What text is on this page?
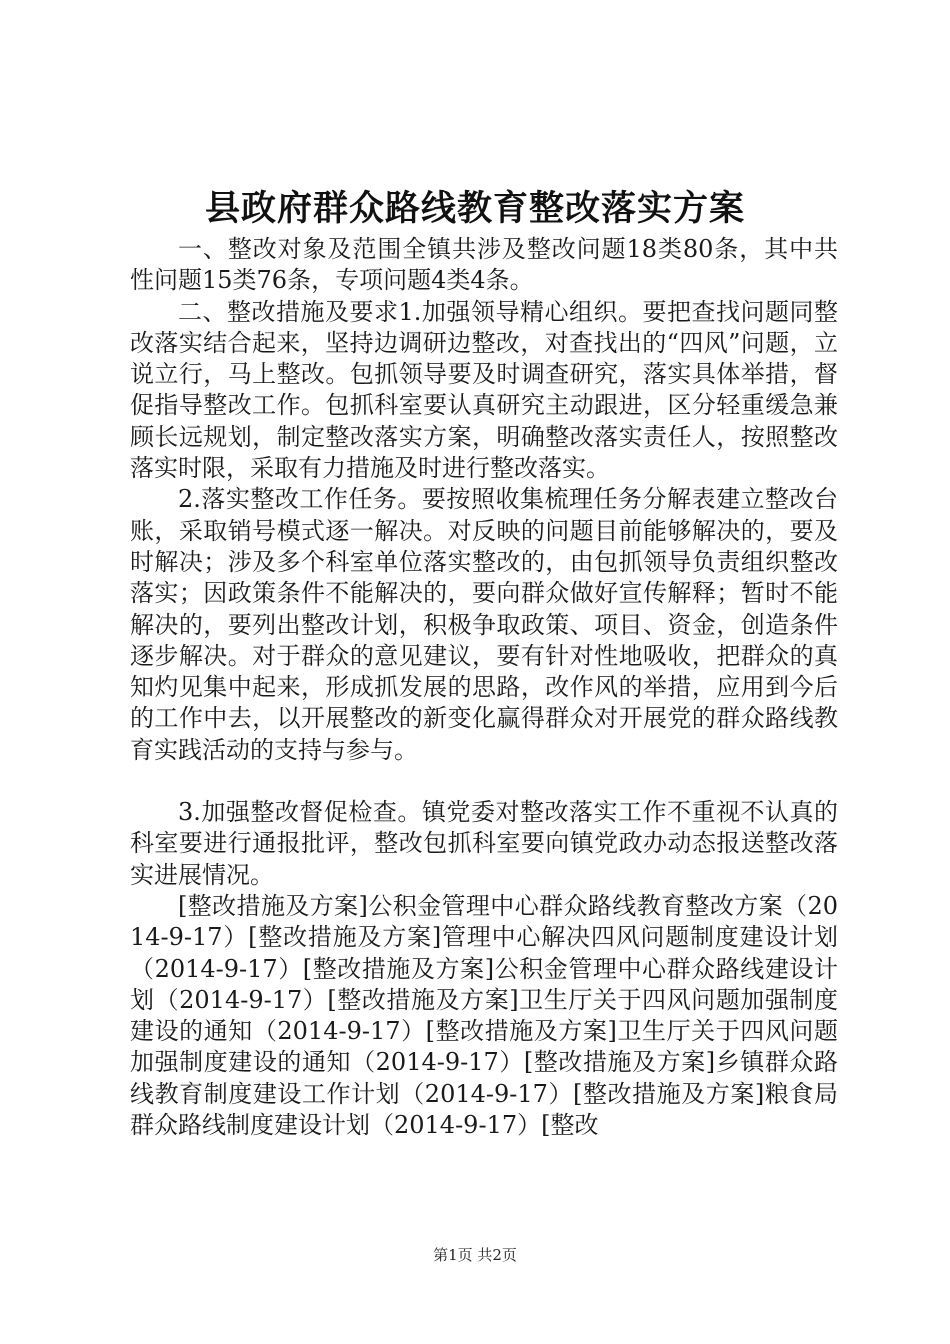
县政府群众路线教育整改落实方案

一、整改对象及范围全镇共涉及整改问题18类80条，其中共性问题15类76条，专项问题4类4条。

二、整改措施及要求1.加强领导精心组织。要把查找问题同整改落实结合起来，坚持边调研边整改，对查找出的“四风”问题，立说立行，马上整改。包抓领导要及时调查研究，落实具体举措，督促指导整改工作。包抓科室要认真研究主动跟进，区分轻重缓急兼顾长远规划，制定整改落实方案，明确整改落实责任人，按照整改落实时限，采取有力措施及时进行整改落实。

2.落实整改工作任务。要按照收集梳理任务分解表建立整改台账，采取销号模式逐一解决。对反映的问题目前能够解决的，要及时解决；涉及多个科室单位落实整改的，由包抓领导负责组织整改落实；因政策条件不能解决的，要向群众做好宣传解释；暂时不能解决的，要列出整改计划，积极争取政策、项目、资金，创造条件逐步解决。对于群众的意见建议，要有针对性地吸收，把群众的真知灼见集中起来，形成抓发展的思路，改作风的举措，应用到今后的工作中去，以开展整改的新变化赢得群众对开展党的群众路线教育实践活动的支持与参与。

3.加强整改督促检查。镇党委对整改落实工作不重视不认真的科室要进行通报批评，整改包抓科室要向镇党政办动态报送整改落实进展情况。

[整改措施及方案]公积金管理中心群众路线教育整改方案（2014-9-17）[整改措施及方案]管理中心解决四风问题制度建设计划（2014-9-17）[整改措施及方案]公积金管理中心群众路线建设计划（2014-9-17）[整改措施及方案]卫生厅关于四风问题加强制度建设的通知（2014-9-17）[整改措施及方案]卫生厅关于四风问题加强制度建设的通知（2014-9-17）[整改措施及方案]乡镇群众路线教育制度建设工作计划（2014-9-17）[整改措施及方案]粮食局群众路线制度建设计划（2014-9-17）[整改

第1页 共2页
